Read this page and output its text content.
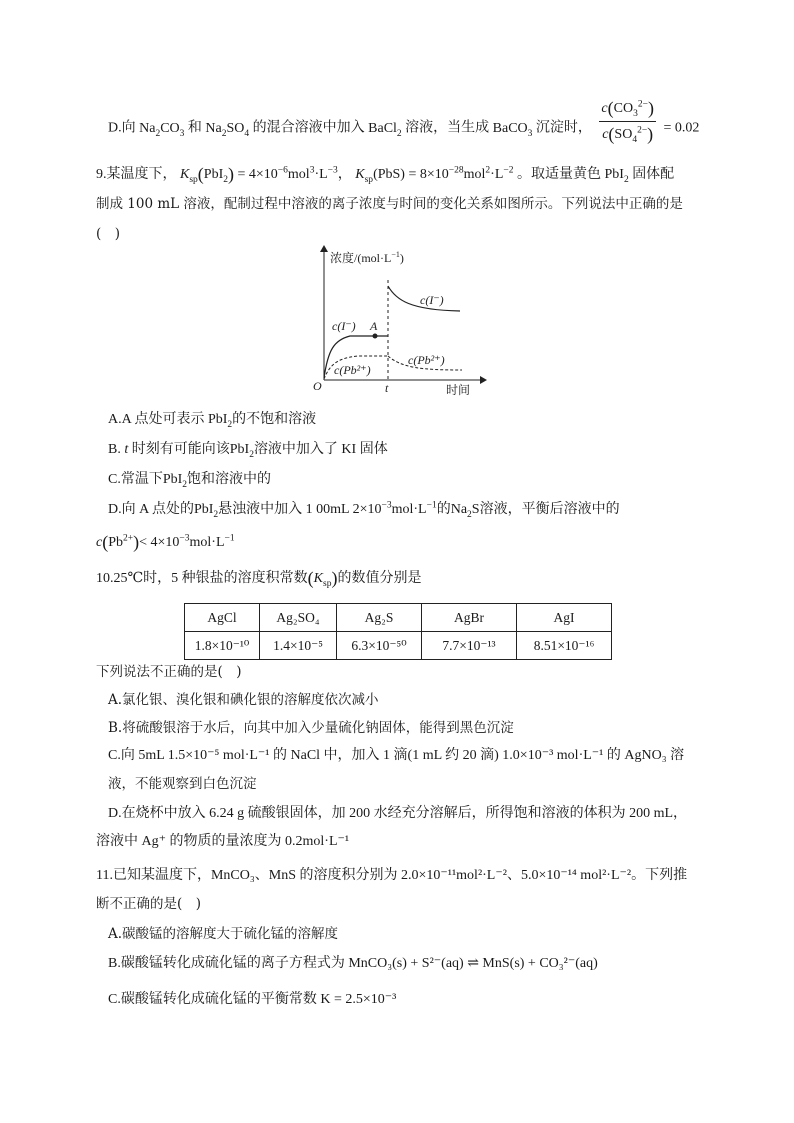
D.向 $Na_2CO_3$ 和 $Na_2SO_4$ 的混合溶液中加入 BaCl$_2$ 溶液，当生成 BaCO$_3$ 沉淀时， $\frac{c(CO_3^{2-})}{c(SO_4^{2-})} = 0.02$
9.某温度下， $K_{sp}(PbI_2) = 4\times 10^{-6}mol^3\cdot L^{-3}$， $K_{sp}(PbS) = 8\times 10^{-28}mol^2\cdot L^{-2}$ 。取适量黄色 PbI$_2$ 固体配
制成 100 mL 溶液，配制过程中溶液的离子浓度与时间的变化关系如图所示。下列说法中正确的是
(　)
浓度$/(mol\cdot L^{-1})$
时间
O	t
A
c(I⁻)
c(I⁻)
c(Pb²⁺)
c(Pb²⁺)
A.A 点处可表示 PbI$_2$的不饱和溶液
B. t 时刻有可能向该PbI$_2$溶液中加入了 KI 固体
C.常温下PbI$_2$饱和溶液中的
D.向 A 点处的PbI$_2$悬浊液中加入 1 00mL $2\times 10^{-3}mol\cdot L^{-1}$的$Na_2S$溶液，平衡后溶液中的
$c(Pb^{2+})< 4\times 10^{-3}mol\cdot L^{-1}$
10.25℃时，5 种银盐的溶度积常数$(K_{sp})$的数值分别是
AgCl	Ag₂SO₄	Ag₂S	AgBr	AgI
1.8×10⁻¹⁰	1.4×10⁻⁵	6.3×10⁻⁵⁰	7.7×10⁻¹³	8.51×10⁻¹⁶
下列说法不正确的是(　)
A.氯化银、溴化银和碘化银的溶解度依次减小
B.将硫酸银溶于水后，向其中加入少量硫化钠固体，能得到黑色沉淀
C.向 5mL 1.5×10⁻⁵ mol·L⁻¹ 的 NaCl 中，加入 1 滴(1 mL 约 20 滴) 1.0×10⁻³ mol·L⁻¹ 的 AgNO₃ 溶
液，不能观察到白色沉淀
D.在烧杯中放入 6.24 g 硫酸银固体，加 200 水经充分溶解后，所得饱和溶液的体积为 200 mL，
溶液中 Ag⁺ 的物质的量浓度为 0.2mol·L⁻¹
11.已知某温度下，MnCO₃、MnS 的溶度积分别为 2.0×10⁻¹¹mol²·L⁻²、5.0×10⁻¹⁴ mol²·L⁻²。下列推
断不正确的是(　)
A.碳酸锰的溶解度大于硫化锰的溶解度
B.碳酸锰转化成硫化锰的离子方程式为 MnCO₃(s) + S²⁻(aq) ⇌ MnS(s) + CO₃²⁻(aq)
C.碳酸锰转化成硫化锰的平衡常数 K = 2.5×10⁻³
